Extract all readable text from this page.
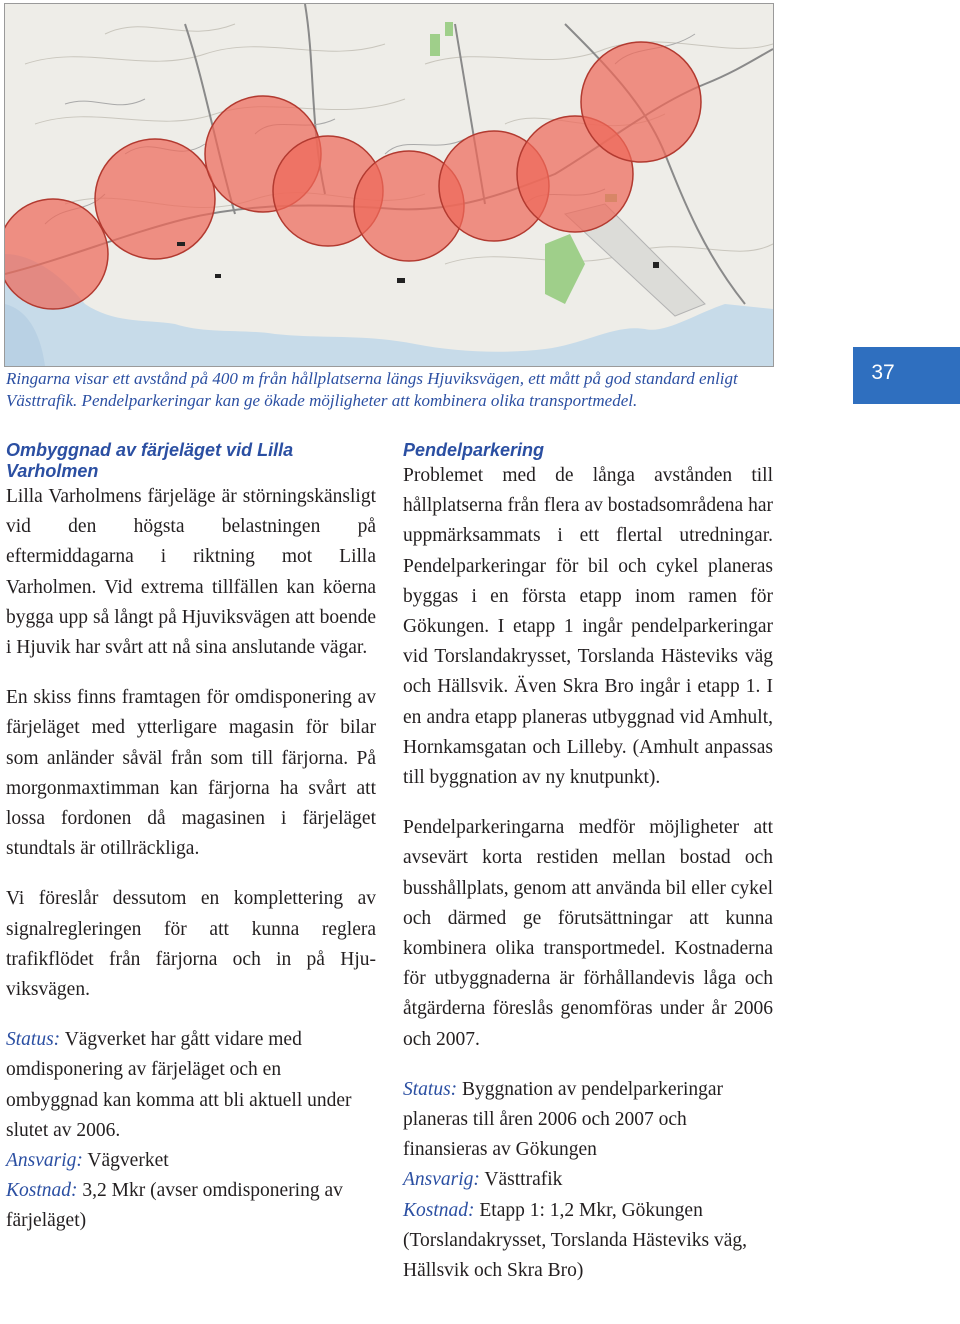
Ringarna visar ett avstånd på 400 m från hållplatserna längs Hjuviksvägen, ett mått på god standard enligt Västtrafik. Pendelparkeringar kan ge ökade möjligheter att kombinera olika transportmedel.
37
Ombyggnad av färjeläget vid Lilla Varholmen

Lilla Varholmens färjeläge är störningskänsligt vid den högsta belastningen på eftermiddagarna i riktning mot Lilla Varholmen. Vid extrema tillfällen kan köerna bygga upp så långt på Hjuviksvägen att boende i Hjuvik har svårt att nå sina anslutande vägar.

En skiss finns framtagen för omdisponering av färjeläget med ytterligare magasin för bilar som anländer såväl från som till färjorna. På morgonmaxtimman kan färjorna ha svårt att lossa fordonen då magasinen i färjeläget stundtals är otillräckliga.

Vi föreslår dessutom en komplettering av signalregleringen för att kunna reglera trafikflödet från färjorna och in på Hjuviksvägen.

Status: Vägverket har gått vidare med omdisponering av färjeläget och en ombyggnad kan komma att bli aktuell under slutet av 2006.

Ansvarig: Vägverket

Kostnad: 3,2 Mkr (avser omdisponering av färjeläget)

Pendelparkering

Problemet med de långa avstånden till hållplatserna från flera av bostadsområdena har uppmärksammats i ett flertal utredningar. Pendelparkeringar för bil och cykel planeras byggas i en första etapp inom ramen för Gökungen. I etapp 1 ingår pendelparkeringar vid Torslandakrysset, Torslanda Hästeviks väg och Hällsvik. Även Skra Bro ingår i etapp 1. I en andra etapp planeras utbyggnad vid Amhult, Hornkamsgatan och Lilleby. (Amhult anpassas till byggnation av ny knutpunkt).

Pendelparkeringarna medför möjligheter att avsevärt korta restiden mellan bostad och busshållplats, genom att använda bil eller cykel och därmed ge förutsättningar att kunna kombinera olika transportmedel. Kostnaderna för utbyggnaderna är förhållandevis låga och åtgärderna föreslås genomföras under år 2006 och 2007.

Status: Byggnation av pendelparkeringar planeras till åren 2006 och 2007 och finansieras av Gökungen

Ansvarig: Västtrafik

Kostnad: Etapp 1: 1,2 Mkr, Gökungen (Torslandakrysset, Torslanda Hästeviks väg, Hällsvik och Skra Bro)
